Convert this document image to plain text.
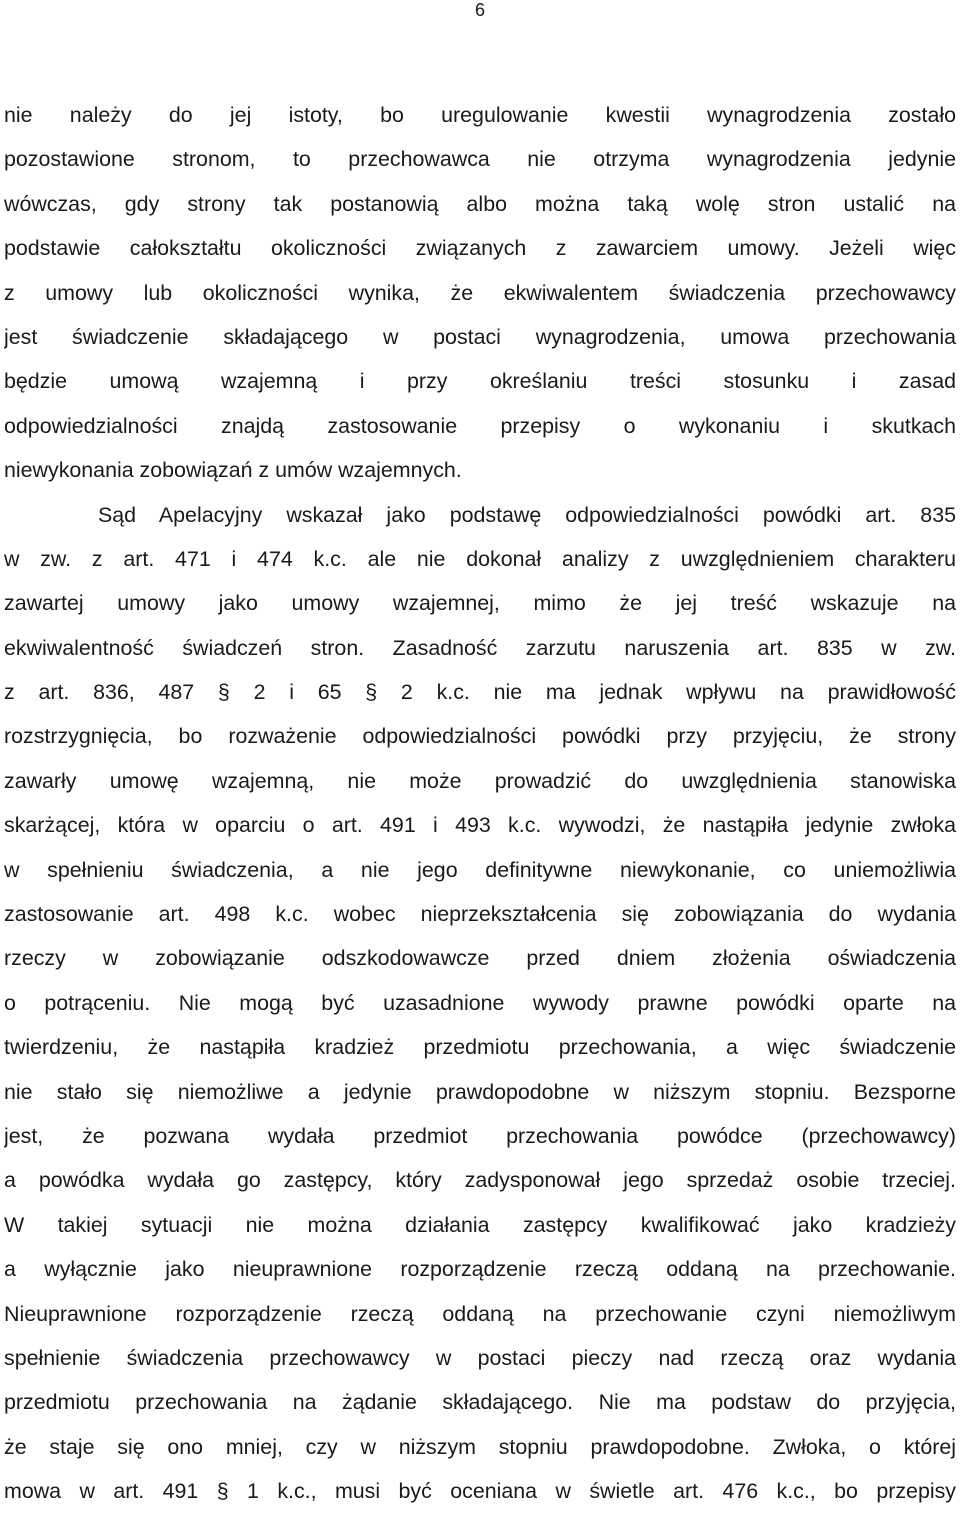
6
nie należy do jej istoty, bo uregulowanie kwestii wynagrodzenia zostało
pozostawione stronom, to przechowawca nie otrzyma wynagrodzenia jedynie
wówczas, gdy strony tak postanowią albo można taką wolę stron ustalić na
podstawie całokształtu okoliczności związanych z zawarciem umowy. Jeżeli więc
z umowy lub okoliczności wynika, że ekwiwalentem świadczenia przechowawcy
jest świadczenie składającego w postaci wynagrodzenia, umowa przechowania
będzie umową wzajemną i przy określaniu treści stosunku i zasad
odpowiedzialności znajdą zastosowanie przepisy o wykonaniu i skutkach
niewykonania zobowiązań z umów wzajemnych.
Sąd Apelacyjny wskazał jako podstawę odpowiedzialności powódki art. 835
w zw. z art. 471 i 474 k.c. ale nie dokonał analizy z uwzględnieniem charakteru
zawartej umowy jako umowy wzajemnej, mimo że jej treść wskazuje na
ekwiwalentność świadczeń stron. Zasadność zarzutu naruszenia art. 835 w zw.
z art. 836, 487 § 2 i 65 § 2 k.c. nie ma jednak wpływu na prawidłowość
rozstrzygnięcia, bo rozważenie odpowiedzialności powódki przy przyjęciu, że strony
zawarły umowę wzajemną, nie może prowadzić do uwzględnienia stanowiska
skarżącej, która w oparciu o art. 491 i 493 k.c. wywodzi, że nastąpiła jedynie zwłoka
w spełnieniu świadczenia, a nie jego definitywne niewykonanie, co uniemożliwia
zastosowanie art. 498 k.c. wobec nieprzekształcenia się zobowiązania do wydania
rzeczy w zobowiązanie odszkodowawcze przed dniem złożenia oświadczenia
o potrąceniu. Nie mogą być uzasadnione wywody prawne powódki oparte na
twierdzeniu, że nastąpiła kradzież przedmiotu przechowania, a więc świadczenie
nie stało się niemożliwe a jedynie prawdopodobne w niższym stopniu. Bezsporne
jest, że pozwana wydała przedmiot przechowania powódce (przechowawcy)
a powódka wydała go zastępcy, który zadysponował jego sprzedaż osobie trzeciej.
W takiej sytuacji nie można działania zastępcy kwalifikować jako kradzieży
a wyłącznie jako nieuprawnione rozporządzenie rzeczą oddaną na przechowanie.
Nieuprawnione rozporządzenie rzeczą oddaną na przechowanie czyni niemożliwym
spełnienie świadczenia przechowawcy w postaci pieczy nad rzeczą oraz wydania
przedmiotu przechowania na żądanie składającego. Nie ma podstaw do przyjęcia,
że staje się ono mniej, czy w niższym stopniu prawdopodobne. Zwłoka, o której
mowa w art. 491 § 1 k.c., musi być oceniana w świetle art. 476 k.c., bo przepisy
